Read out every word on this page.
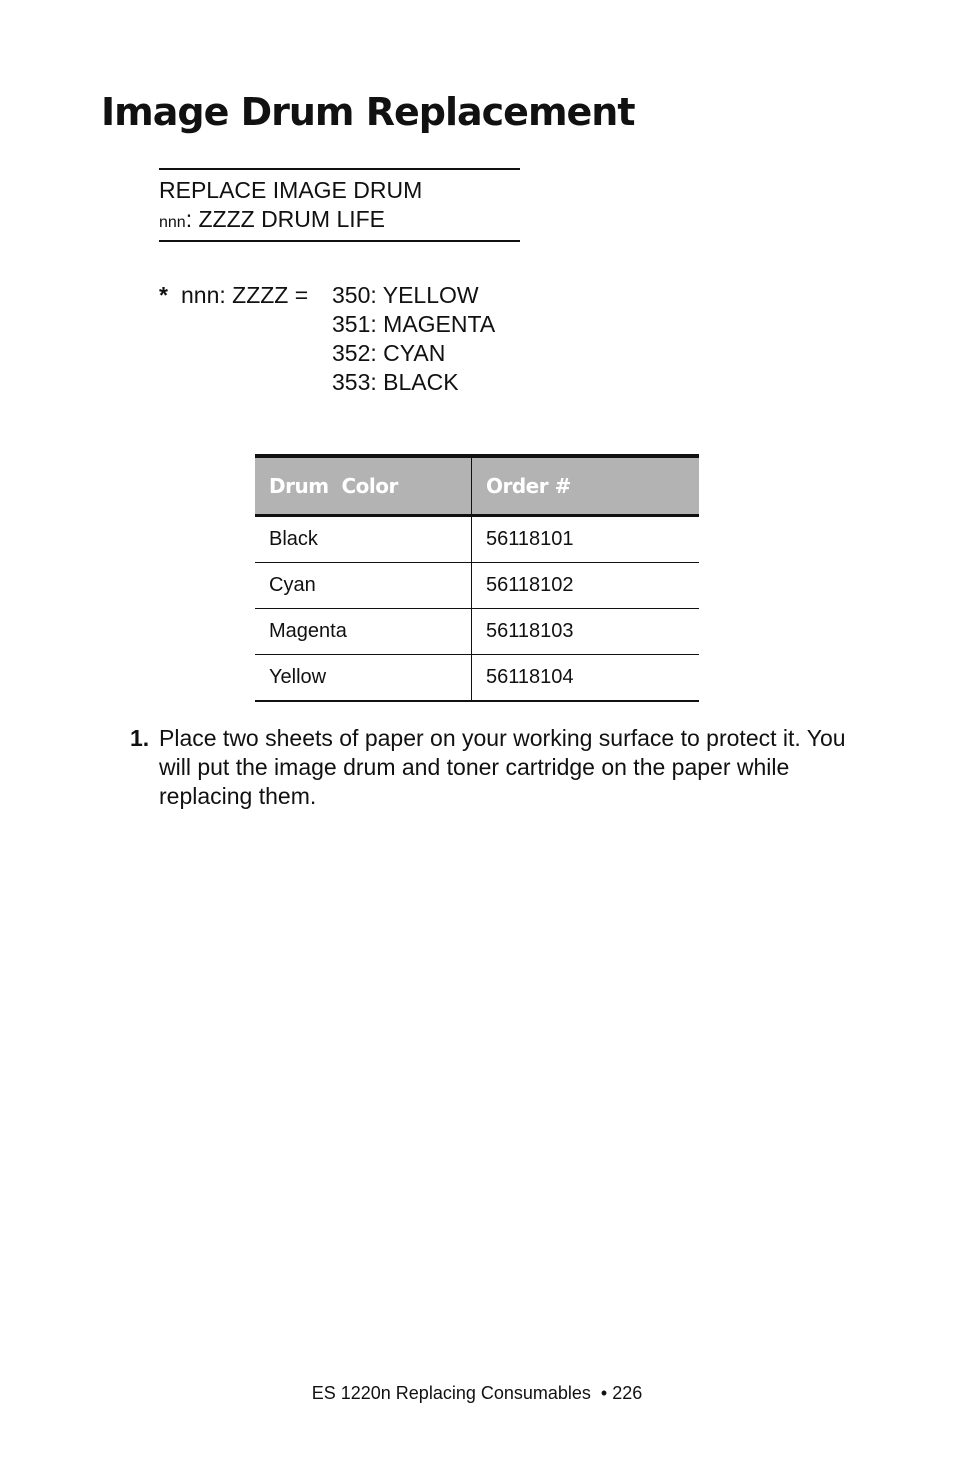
Image Drum Replacement
REPLACE IMAGE DRUM
nnn: ZZZZ DRUM LIFE
* nnn: ZZZZ = 350: YELLOW
351: MAGENTA
352: CYAN
353: BLACK
Drum  Color	Order #
Black	56118101
Cyan	56118102
Magenta	56118103
Yellow	56118104
1. Place two sheets of paper on your working surface to protect it. You will put the image drum and toner cartridge on the paper while replacing them.
ES 1220n Replacing Consumables  • 226
